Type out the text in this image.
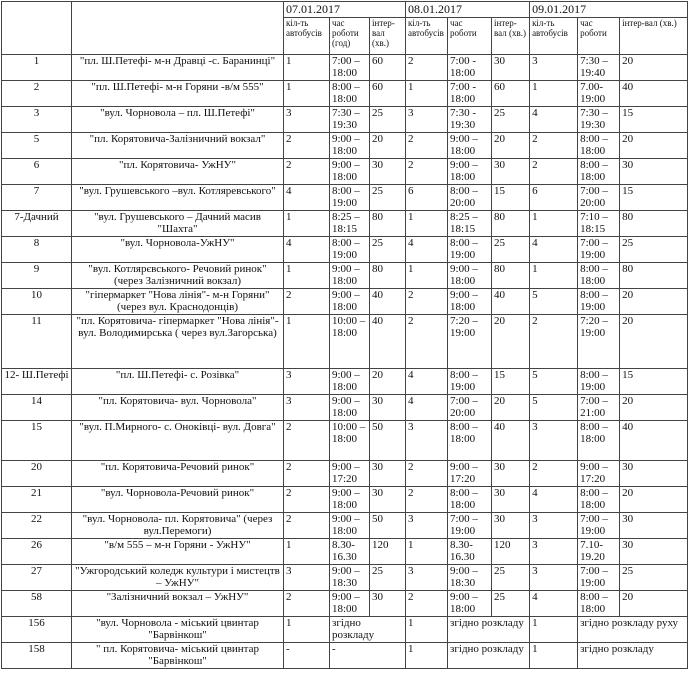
		07.01.2017			08.01.2017			09.01.2017		
		кіл-ть автобусів	час роботи (год)	інтер-вал (хв.)	кіл-ть автобусів	час роботи	інтер-вал (хв.)	кіл-ть автобусів	час роботи	інтер-вал (хв.)
1	"пл. Ш.Петефі- м-н Дравці -с. Баранинці"	1	7:00 – 18:00	60	2	7:00 - 18:00	30	3	7:30 – 19:40	20
2	"пл. Ш.Петефі- м-н Горяни -в/м 555"	1	8:00 – 18:00	60	1	7:00 - 18:00	60	1	7.00- 19:00	40
3	"вул. Чорновола – пл. Ш.Петефі"	3	7:30 – 19:30	25	3	7:30 - 19:30	25	4	7:30 – 19:30	15
5	"пл. Корятовича-Залізничний вокзал"	2	9:00 – 18:00	20	2	9:00 – 18:00	20	2	8:00 – 18:00	20
6	"пл. Корятовича- УжНУ"	2	9:00 – 18:00	30	2	9:00 – 18:00	30	2	8:00 – 18:00	30
7	"вул. Грушевського –вул. Котляревського"	4	8:00 – 19:00	25	6	8:00 – 20:00	15	6	7:00 – 20:00	15
7-Дачний	"вул. Грушевського – Дачний масив "Шахта"	1	8:25 – 18:15	80	1	8:25 – 18:15	80	1	7:10 – 18:15	80
8	"вул. Чорновола-УжНУ"	4	8:00 – 19:00	25	4	8:00 – 19:00	25	4	7:00 – 19:00	25
9	"вул. Котлярєвського- Речовий ринок" (через Залізничний вокзал)	1	9:00 – 18:00	80	1	9:00 – 18:00	80	1	8:00 – 18:00	80
10	"гіпермаркет "Нова лінія"- м-н Горяни" (через вул. Краснодонців)	2	9:00 – 18:00	40	2	9:00 – 18:00	40	5	8:00 – 19:00	20
11	"пл. Корятовича- гіпермаркет "Нова лінія"- вул. Володимирська ( через вул.Загорська)	1	10:00 – 18:00	40	2	7:20 – 19:00	20	2	7:20 – 19:00	20
12- Ш.Петефі	"пл. Ш.Петефі- с. Розівка"	3	9:00 – 18:00	20	4	8:00 – 19:00	15	5	8:00 – 19:00	15
14	"пл. Корятовича- вул. Чорновола"	3	9:00 – 18:00	30	4	7:00 – 20:00	20	5	7:00 – 21:00	20
15	"вул. П.Мирного- с. Оноківці- вул. Довга"	2	10:00 – 18:00	50	3	8:00 – 18:00	40	3	8:00 – 18:00	40
20	"пл. Корятовича-Речовий ринок"	2	9:00 – 17:20	30	2	9:00 – 17:20	30	2	9:00 – 17:20	30
21	"вул. Чорновола-Речовий ринок"	2	9:00 – 18:00	30	2	8:00 – 18:00	30	4	8:00 – 18:00	20
22	"вул. Чорновола- пл. Корятовича" (через вул.Перемоги)	2	9:00 – 18:00	50	3	7:00 – 19:00	30	3	7:00 – 19:00	30
26	"в/м 555 – м-н Горяни - УжНУ"	1	8.30- 16.30	120	1	8.30- 16.30	120	3	7.10- 19.20	30
27	"Ужгородський коледж культури і мистецтв – УжНУ"	3	9:00 – 18:30	25	3	9:00 – 18:30	25	3	7:00 – 19:00	25
58	"Залізничний вокзал – УжНУ"	2	9:00 – 18:00	30	2	9:00 – 18:00	25	4	8:00 – 18:00	20
156	"вул. Чорновола - міський цвинтар "Барвінкош"	1	згідно розкладу		1	згідно розкладу		1	згідно розкладу руху	
158	" пл. Корятовича- міський цвинтар "Барвінкош"	-	-		1	згідно розкладу		1	згідно розкладу	
